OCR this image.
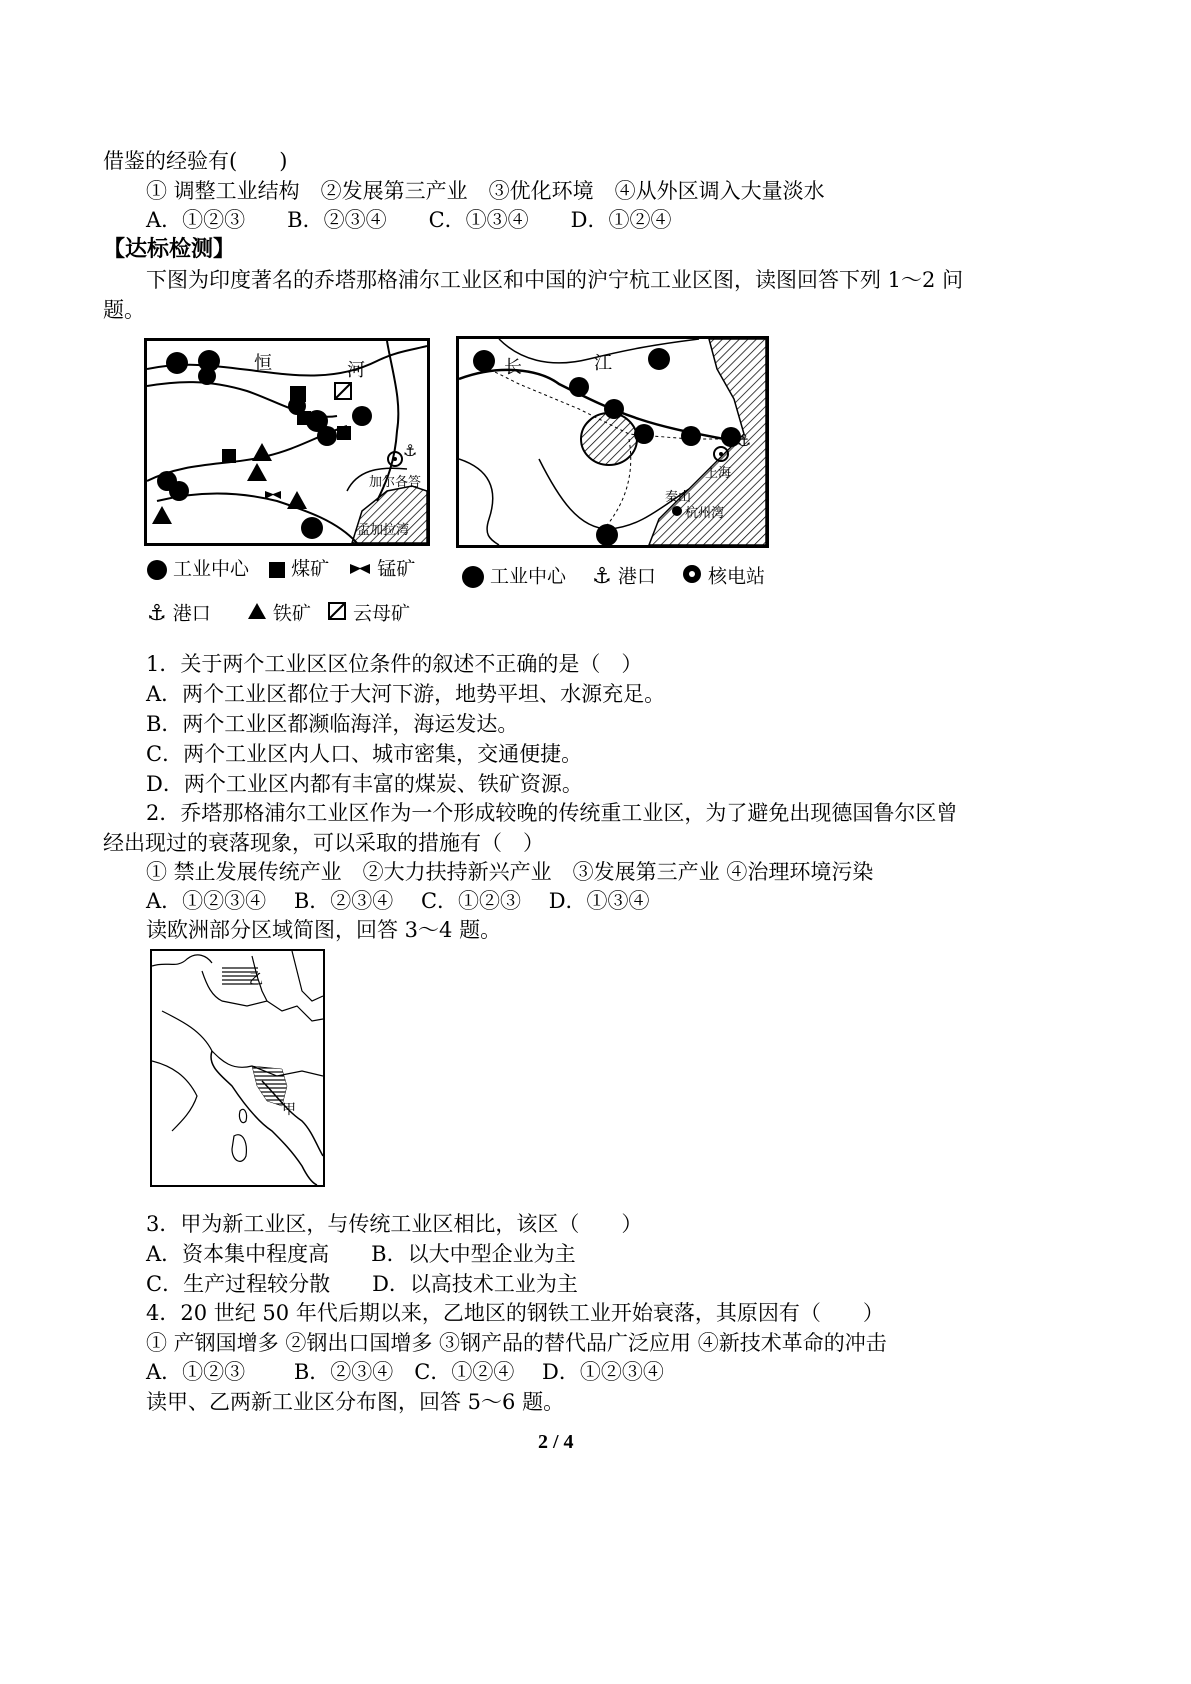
借鉴的经验有(　　)
① 调整工业结构　②发展第三产业　③优化环境　④从外区调入大量淡水
A．①②③　　B．②③④　　C．①③④　　D．①②④
【达标检测】
下图为印度著名的乔塔那格浦尔工业区和中国的沪宁杭工业区图，读图回答下列 1～2 问
题。
⚓
恒	河
加尔各答
孟加拉湾
⚓
长	江
上海
秦山
杭州湾
工业中心 煤矿	锰矿
⚓ 港口	铁矿 云母矿
工业中心 ⚓ 港口	核电站
1．关于两个工业区区位条件的叙述不正确的是（　）
A．两个工业区都位于大河下游，地势平坦、水源充足。
B．两个工业区都濒临海洋，海运发达。
C．两个工业区内人口、城市密集，交通便捷。
D．两个工业区内都有丰富的煤炭、铁矿资源。
2．乔塔那格浦尔工业区作为一个形成较晚的传统重工业区，为了避免出现德国鲁尔区曾
经出现过的衰落现象，可以采取的措施有（　）
① 禁止发展传统产业　②大力扶持新兴产业　③发展第三产业 ④治理环境污染
A．①②③④　 B．②③④　 C．①②③　 D．①③④
读欧洲部分区域简图，回答 3～4 题。
乙
甲
3．甲为新工业区，与传统工业区相比，该区（　　）
A．资本集中程度高　　B．以大中型企业为主
C．生产过程较分散　　D．以高技术工业为主
4．20 世纪 50 年代后期以来，乙地区的钢铁工业开始衰落，其原因有（　　）
① 产钢国增多 ②钢出口国增多 ③钢产品的替代品广泛应用 ④新技术革命的冲击
A．①②③　　 B．②③④　C．①②④　 D．①②③④
读甲、乙两新工业区分布图，回答 5～6 题。
2 / 4
